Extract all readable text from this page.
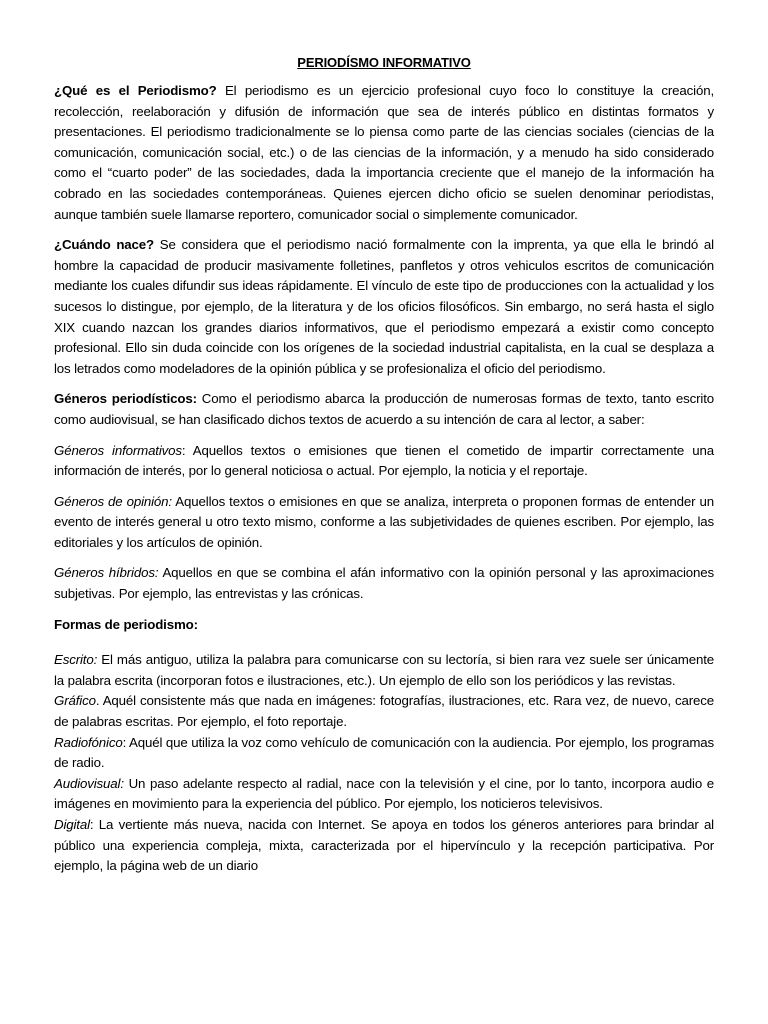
PERIODÍSMO INFORMATIVO

¿Qué es el Periodismo? El periodismo es un ejercicio profesional cuyo foco lo constituye la creación, recolección, reelaboración y difusión de información que sea de interés público en distintas formatos y presentaciones. El periodismo tradicionalmente se lo piensa como parte de las ciencias sociales (ciencias de la comunicación, comunicación social, etc.) o de las ciencias de la información, y a menudo ha sido considerado como el “cuarto poder” de las sociedades, dada la importancia creciente que el manejo de la información ha cobrado en las sociedades contemporáneas. Quienes ejercen dicho oficio se suelen denominar periodistas, aunque también suele llamarse reportero, comunicador social o simplemente comunicador.

¿Cuándo nace? Se considera que el periodismo nació formalmente con la imprenta, ya que ella le brindó al hombre la capacidad de producir masivamente folletines, panfletos y otros vehiculos escritos de comunicación mediante los cuales difundir sus ideas rápidamente. El vínculo de este tipo de producciones con la actualidad y los sucesos lo distingue, por ejemplo, de la literatura y de los oficios filosóficos. Sin embargo, no será hasta el siglo XIX cuando nazcan los grandes diarios informativos, que el periodismo empezará a existir como concepto profesional. Ello sin duda coincide con los orígenes de la sociedad industrial capitalista, en la cual se desplaza a los letrados como modeladores de la opinión pública y se profesionaliza el oficio del periodismo.

Géneros periodísticos: Como el periodismo abarca la producción de numerosas formas de texto, tanto escrito como audiovisual, se han clasificado dichos textos de acuerdo a su intención de cara al lector, a saber:

Géneros informativos: Aquellos textos o emisiones que tienen el cometido de impartir correctamente una información de interés, por lo general noticiosa o actual. Por ejemplo, la noticia y el reportaje.

Géneros de opinión: Aquellos textos o emisiones en que se analiza, interpreta o proponen formas de entender un evento de interés general u otro texto mismo, conforme a las subjetividades de quienes escriben. Por ejemplo, las editoriales y los artículos de opinión.

Géneros híbridos: Aquellos en que se combina el afán informativo con la opinión personal y las aproximaciones subjetivas. Por ejemplo, las entrevistas y las crónicas.

Formas de periodismo:

Escrito: El más antiguo, utiliza la palabra para comunicarse con su lectoría, si bien rara vez suele ser únicamente la palabra escrita (incorporan fotos e ilustraciones, etc.). Un ejemplo de ello son los periódicos y las revistas.

Gráfico. Aquél consistente más que nada en imágenes: fotografías, ilustraciones, etc. Rara vez, de nuevo, carece de palabras escritas. Por ejemplo, el foto reportaje.

Radiofónico: Aquél que utiliza la voz como vehículo de comunicación con la audiencia. Por ejemplo, los programas de radio.

Audiovisual: Un paso adelante respecto al radial, nace con la televisión y el cine, por lo tanto, incorpora audio e imágenes en movimiento para la experiencia del público. Por ejemplo, los noticieros televisivos.

Digital: La vertiente más nueva, nacida con Internet. Se apoya en todos los géneros anteriores para brindar al público una experiencia compleja, mixta, caracterizada por el hipervínculo y la recepción participativa. Por ejemplo, la página web de un diario
